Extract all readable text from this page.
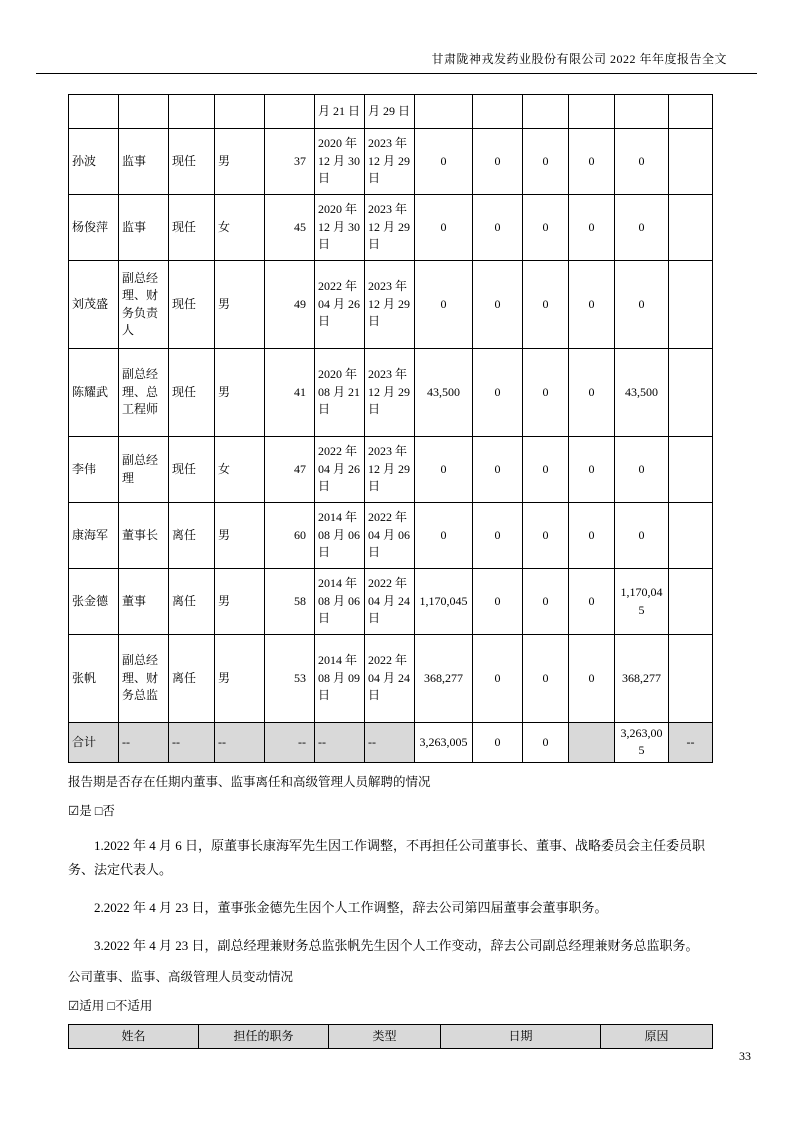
甘肃陇神戎发药业股份有限公司 2022 年年度报告全文
					月 21 日	月 29 日						
孙波	监事	现任	男	37	2020 年 12 月 30 日	2023 年 12 月 29 日	0	0	0	0	0	
杨俊萍	监事	现任	女	45	2020 年 12 月 30 日	2023 年 12 月 29 日	0	0	0	0	0	
刘茂盛	副总经理、财务负责人	现任	男	49	2022 年 04 月 26 日	2023 年 12 月 29 日	0	0	0	0	0	
陈耀武	副总经理、总工程师	现任	男	41	2020 年 08 月 21 日	2023 年 12 月 29 日	43,500	0	0	0	43,500	
李伟	副总经理	现任	女	47	2022 年 04 月 26 日	2023 年 12 月 29 日	0	0	0	0	0	
康海军	董事长	离任	男	60	2014 年 08 月 06 日	2022 年 04 月 06 日	0	0	0	0	0	
张金德	董事	离任	男	58	2014 年 08 月 06 日	2022 年 04 月 24 日	1,170,045	0	0	0	1,170,045	
张帆	副总经理、财务总监	离任	男	53	2014 年 08 月 09 日	2022 年 04 月 24 日	368,277	0	0	0	368,277	
合计	--	--	--	--	--	--	3,263,005	0	0		3,263,005	--

报告期是否存在任期内董事、监事离任和高级管理人员解聘的情况

☑是 □否

1.2022 年 4 月 6 日，原董事长康海军先生因工作调整，不再担任公司董事长、董事、战略委员会主任委员职务、法定代表人。

2.2022 年 4 月 23 日，董事张金德先生因个人工作调整，辞去公司第四届董事会董事职务。

3.2022 年 4 月 23 日，副总经理兼财务总监张帆先生因个人工作变动，辞去公司副总经理兼财务总监职务。

公司董事、监事、高级管理人员变动情况

☑适用 □不适用

姓名	担任的职务	类型	日期	原因
33
